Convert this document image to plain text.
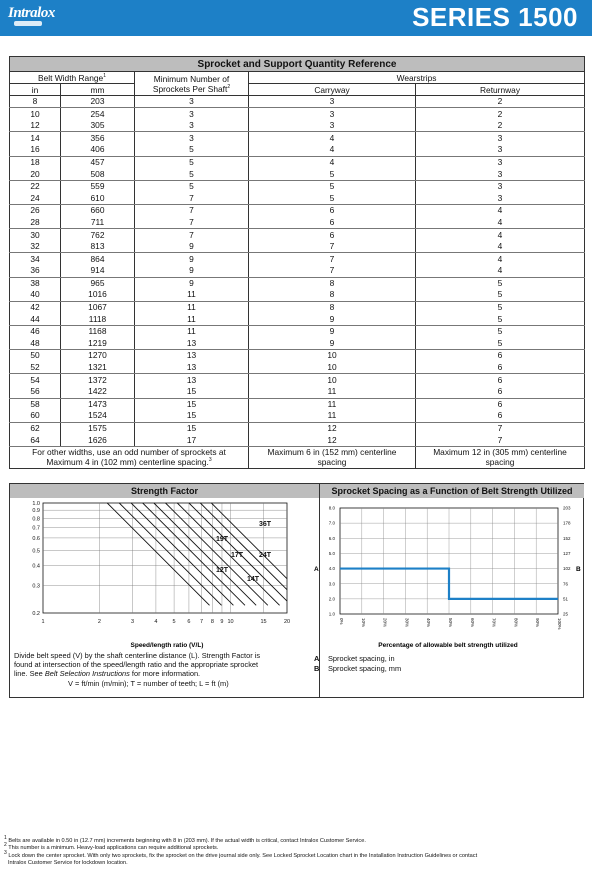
Intralox	SERIES 1500
Sprocket and Support Quantity Reference				
Belt Width Range$^1$		Minimum Number of Sprockets Per Shaft$^2$	Wearstrips	
in	mm		Carryway	Returnway
8	203	3	3	2
10	254	3	3	2
12	305	3	3	2
14	356	3	4	3
16	406	5	4	3
18	457	5	4	3
20	508	5	5	3
22	559	5	5	3
24	610	7	5	3
26	660	7	6	4
28	711	7	6	4
30	762	7	6	4
32	813	9	7	4
34	864	9	7	4
36	914	9	7	4
38	965	9	8	5
40	1016	11	8	5
42	1067	11	8	5
44	1118	11	9	5
46	1168	11	9	5
48	1219	13	9	5
50	1270	13	10	6
52	1321	13	10	6
54	1372	13	10	6
56	1422	15	11	6
58	1473	15	11	6
60	1524	15	11	6
62	1575	15	12	7
64	1626	17	12	7
For other widths, use an odd number of sprockets at
Maximum 4 in (102 mm) centerline spacing.$^3$			Maximum 6 in (152 mm) centerline
spacing	Maximum 12 in (305 mm) centerline
spacing
Strength Factor	Sprocket Spacing as a Function of Belt Strength Utilized
36T
19T
17T 24T
12T
14T
1.0
0.9
0.8
0.7
0.6
0.5
0.4
0.3
0.2
1	2	3	4	5 6 7 8 9 10	15	20
Speed/length ratio (V/L)
Divide belt speed (V) by the shaft centerline distance (L). Strength Factor is
found at intersection of the speed/length ratio and the appropriate sprocket
line. See Belt Selection Instructions for more information.
V = ft/min (m/min); T = number of teeth; L = ft (m)
8.0
7.0
6.0
5.0
4.0
3.0
2.0
1.0
203
178
152
127
102
76
51
25
0%	10%	20%	30%	40%	50%	60%	70%	80%	90%	100%
A	B
Percentage of allowable belt strength utilized
A Sprocket spacing, in
B Sprocket spacing, mm
$^1$ Belts are available in 0.50 in (12.7 mm) increments beginning with 8 in (203 mm). If the actual width is critical, contact Intralox Customer Service.
$^2$ This number is a minimum. Heavy-load applications can require additional sprockets.
$^3$ Lock down the center sprocket. With only two sprockets, fix the sprocket on the drive journal side only. See Locked Sprocket Location chart in the Installation Instruction Guidelines or contact
Intralox Customer Service for lockdown location.
